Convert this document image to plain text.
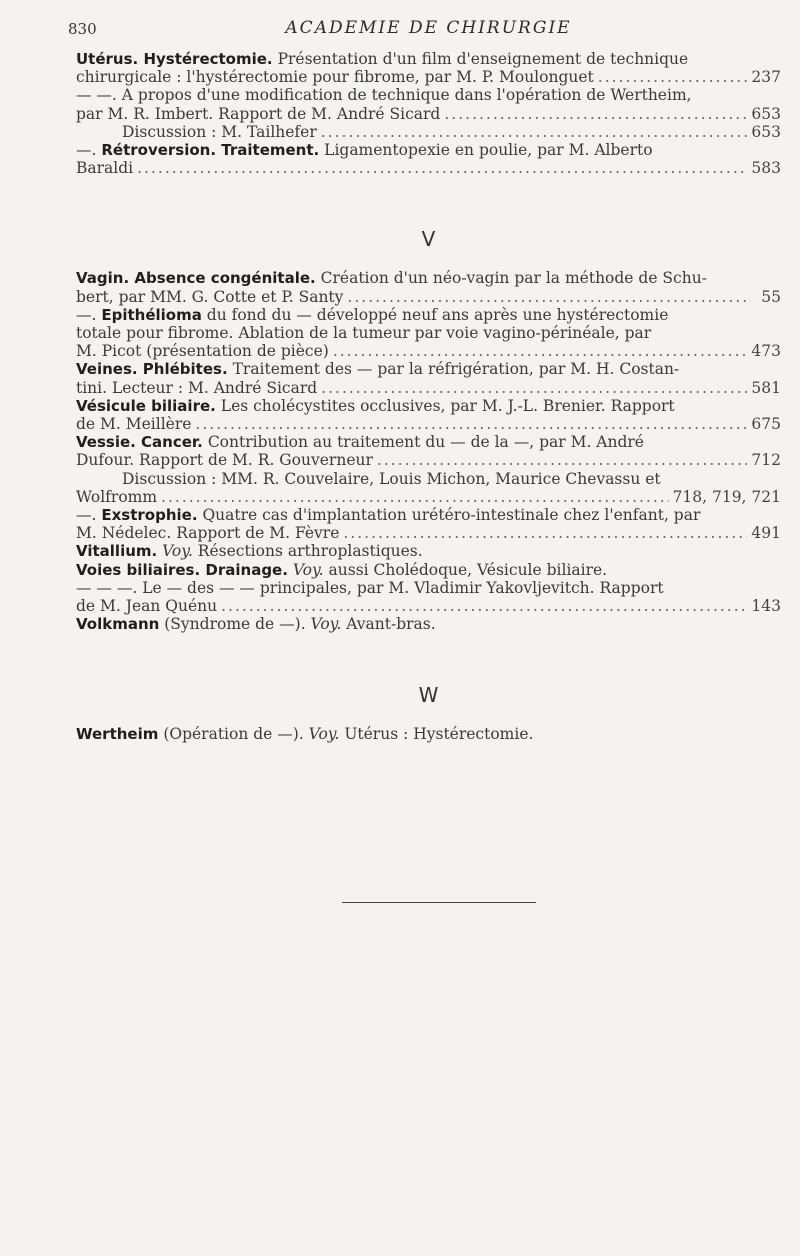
830	ACADEMIE DE CHIRURGIE
Utérus. Hystérectomie. Présentation d'un film d'enseignement de technique
chirurgicale : l'hystérectomie pour fibrome, par M. P. Moulonguet .....	237
— —. A propos d'une modification de technique dans l'opération de Wertheim,
par M. R. Imbert. Rapport de M. André Sicard .....	653
Discussion : M. Tailhefer .....	653
—. Rétroversion. Traitement. Ligamentopexie en poulie, par M. Alberto
Baraldi .....	583
V
Vagin. Absence congénitale. Création d'un néo-vagin par la méthode de Schu-
bert, par MM. G. Cotte et P. Santy .....	55
—. Epithélioma du fond du — développé neuf ans après une hystérectomie
totale pour fibrome. Ablation de la tumeur par voie vagino-périnéale, par
M. Picot (présentation de pièce) .....	473
Veines. Phlébites. Traitement des — par la réfrigération, par M. H. Costan-
tini. Lecteur : M. André Sicard .....	581
Vésicule biliaire. Les cholécystites occlusives, par M. J.-L. Brenier. Rapport
de M. Meillère .....	675
Vessie. Cancer. Contribution au traitement du — de la —, par M. André
Dufour. Rapport de M. R. Gouverneur .....	712
Discussion : MM. R. Couvelaire, Louis Michon, Maurice Chevassu et
Wolfromm .....	718, 719, 721
—. Exstrophie. Quatre cas d'implantation urétéro-intestinale chez l'enfant, par
M. Nédelec. Rapport de M. Fèvre .....	491
Vitallium. Voy. Résections arthroplastiques.
Voies biliaires. Drainage. Voy. aussi Cholédoque, Vésicule biliaire.
— — —. Le — des — — principales, par M. Vladimir Yakovljevitch. Rapport
de M. Jean Quénu .....	143
Volkmann (Syndrome de —). Voy. Avant-bras.
W
Wertheim (Opération de —). Voy. Utérus : Hystérectomie.
